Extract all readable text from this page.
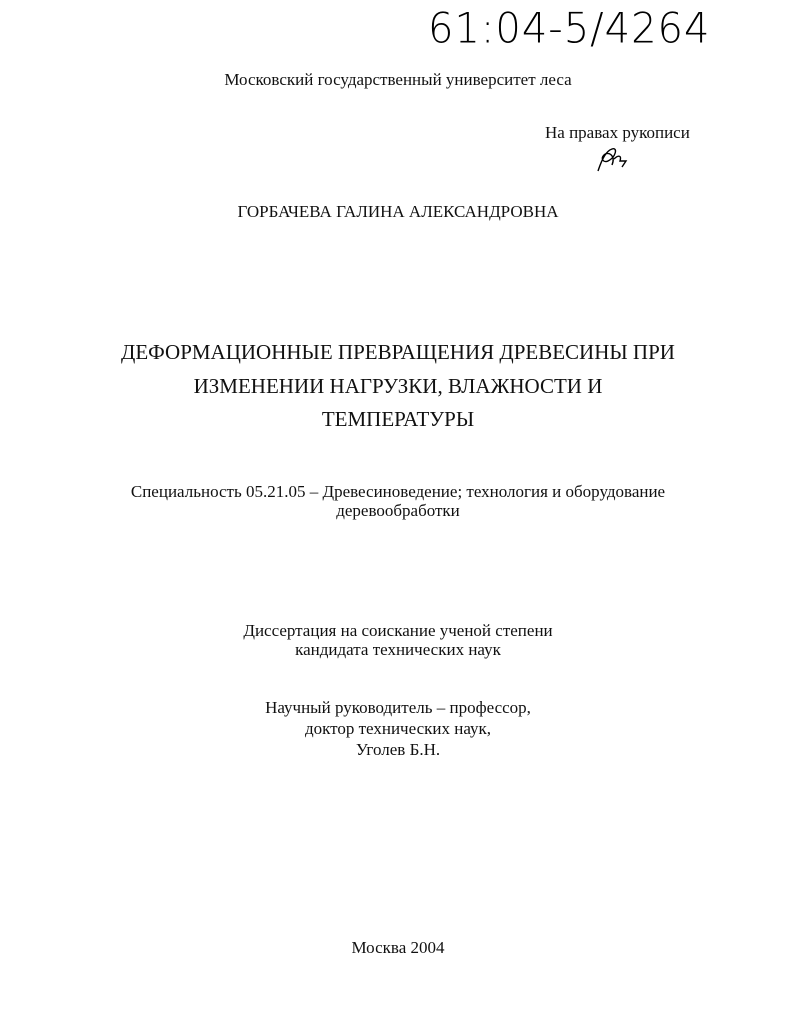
61:04-5/4264
Московский государственный университет леса
На правах рукописи
ГОРБАЧЕВА ГАЛИНА АЛЕКСАНДРОВНА
ДЕФОРМАЦИОННЫЕ ПРЕВРАЩЕНИЯ ДРЕВЕСИНЫ ПРИ
ИЗМЕНЕНИИ НАГРУЗКИ, ВЛАЖНОСТИ И
ТЕМПЕРАТУРЫ
Специальность 05.21.05 – Древесиноведение; технология и оборудование
деревообработки
Диссертация на соискание ученой степени
кандидата технических наук
Научный руководитель – профессор,
доктор технических наук,
Уголев Б.Н.
Москва 2004
